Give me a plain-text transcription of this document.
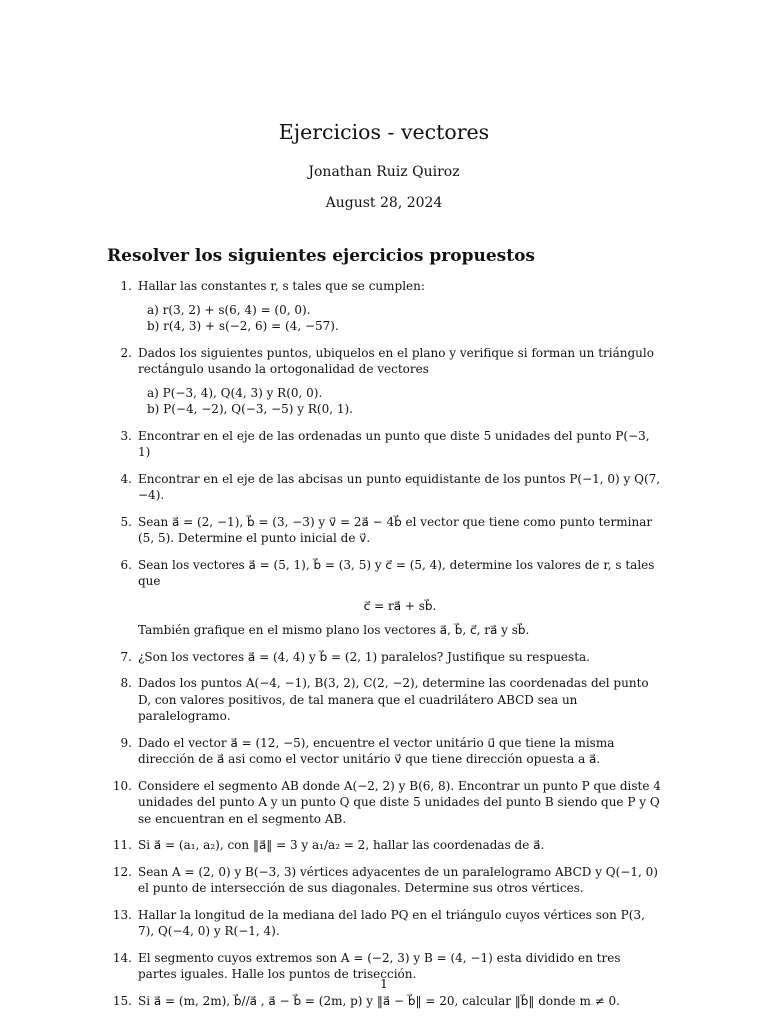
Ejercicios - vectores
Jonathan Ruiz Quiroz
August 28, 2024
Resolver los siguientes ejercicios propuestos
1. Hallar las constantes r, s tales que se cumplen:
a) r(3, 2) + s(6, 4) = (0, 0).
b) r(4, 3) + s(−2, 6) = (4, −57).
2. Dados los siguientes puntos, ubiquelos en el plano y verifique si forman un triángulo rectángulo usando la ortogonalidad de vectores
a) P(−3, 4), Q(4, 3) y R(0, 0).
b) P(−4, −2), Q(−3, −5) y R(0, 1).
3. Encontrar en el eje de las ordenadas un punto que diste 5 unidades del punto P(−3, 1)
4. Encontrar en el eje de las abcisas un punto equidistante de los puntos P(−1, 0) y Q(7, −4).
5. Sean a⃗ = (2, −1), b⃗ = (3, −3) y v⃗ = 2a⃗ − 4b⃗ el vector que tiene como punto terminar (5, 5). Determine el punto inicial de v⃗.
6. Sean los vectores a⃗ = (5, 1), b⃗ = (3, 5) y c⃗ = (5, 4), determine los valores de r, s tales que
c⃗ = ra⃗ + sb⃗.
También grafique en el mismo plano los vectores a⃗, b⃗, c⃗, ra⃗ y sb⃗.
7. ¿Son los vectores a⃗ = (4, 4) y b⃗ = (2, 1) paralelos? Justifique su respuesta.
8. Dados los puntos A(−4, −1), B(3, 2), C(2, −2), determine las coordenadas del punto D, con valores positivos, de tal manera que el cuadrilátero ABCD sea un paralelogramo.
9. Dado el vector a⃗ = (12, −5), encuentre el vector unitário u⃗ que tiene la misma dirección de a⃗ asi como el vector unitário v⃗ que tiene dirección opuesta a a⃗.
10. Considere el segmento AB donde A(−2, 2) y B(6, 8). Encontrar un punto P que diste 4 unidades del punto A y un punto Q que diste 5 unidades del punto B siendo que P y Q se encuentran en el segmento AB.
11. Si a⃗ = (a₁, a₂), con ‖a⃗‖ = 3 y a₁/a₂ = 2, hallar las coordenadas de a⃗.
12. Sean A = (2, 0) y B(−3, 3) vértices adyacentes de un paralelogramo ABCD y Q(−1, 0) el punto de intersección de sus diagonales. Determine sus otros vértices.
13. Hallar la longitud de la mediana del lado PQ en el triángulo cuyos vértices son P(3, 7), Q(−4, 0) y R(−1, 4).
14. El segmento cuyos extremos son A = (−2, 3) y B = (4, −1) esta dividido en tres partes iguales. Halle los puntos de trisección.
15. Si a⃗ = (m, 2m), b⃗//a⃗ , a⃗ − b⃗ = (2m, p) y ‖a⃗ − b⃗‖ = 20, calcular ‖b⃗‖ donde m ≠ 0.
1
